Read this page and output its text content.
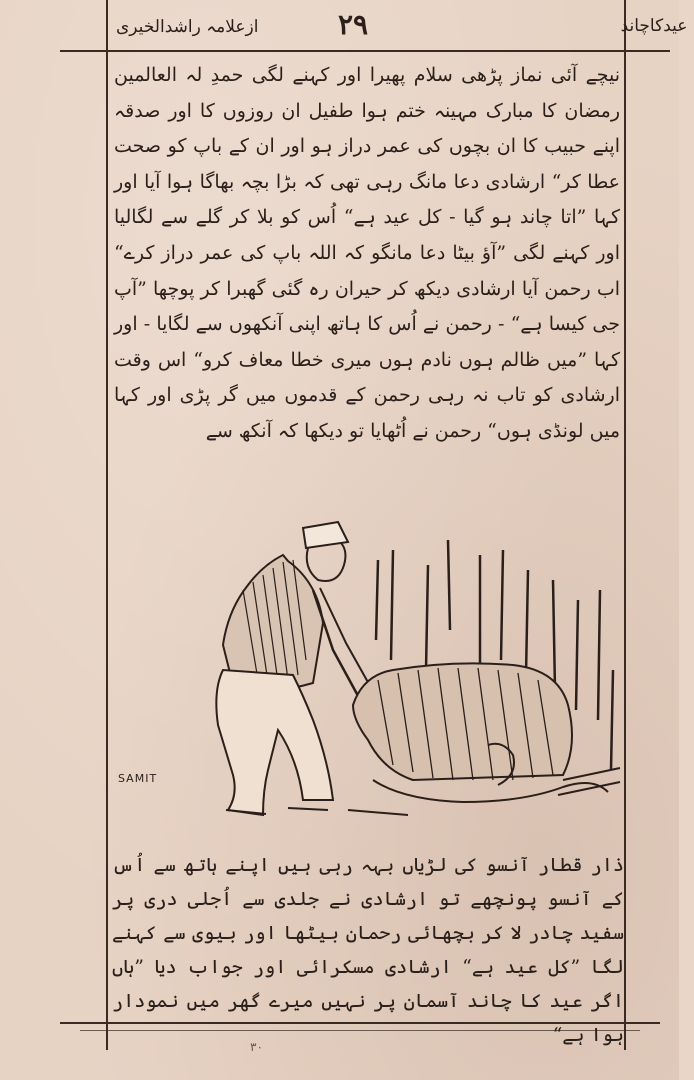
عیدکاچاند
۲۹
ازعلامہ راشدالخیری

نیچے آئی نماز پڑھی سلام پھیرا اور کہنے لگی حمدِ لہ العالمین رمضان کا مبارک مہینہ ختم ہوا طفیل ان روزوں کا اور صدقہ اپنے حبیب کا ان بچوں کی عمر دراز ہو اور ان کے باپ کو صحت عطا کر“ ارشادی دعا مانگ رہی تھی کہ بڑا بچہ بھاگا ہوا آیا اور کہا ”اتا چاند ہو گیا - کل عید ہے“ اُس کو بلا کر گلے سے لگالیا اور کہنے لگی ”آؤ بیٹا دعا مانگو کہ اللہ باپ کی عمر دراز کرے“ اب رحمن آیا ارشادی دیکھ کر حیران رہ گئی گھبرا کر پوچھا ”آپ جی کیسا ہے“ - رحمن نے اُس کا ہاتھ اپنی آنکھوں سے لگایا - اور کہا ”میں ظالم ہوں نادم ہوں میری خطا معاف کرو“ اس وقت ارشادی کو تاب نہ رہی رحمن کے قدموں میں گر پڑی اور کہا میں لونڈی ہوں“ رحمن نے اُٹھایا تو دیکھا کہ آنکھ سے

SAMIT

ذار قطار آنسو کی لڑیاں بہہ رہی ہیں اپنے ہاتھ سے اُس کے آنسو پونچھے تو ارشادی نے جلدی سے اُجلی دری پر سفید چادر لا کر بچھائی رحمان بیٹھا اور بیوی سے کہنے لگا ”کل عید ہے“ ارشادی مسکرائی اور جواب دیا ”ہاں اگر عید کا چاند آسمان پر نہیں میرے گھر میں نمودار ہوا ہے“

٣٠
